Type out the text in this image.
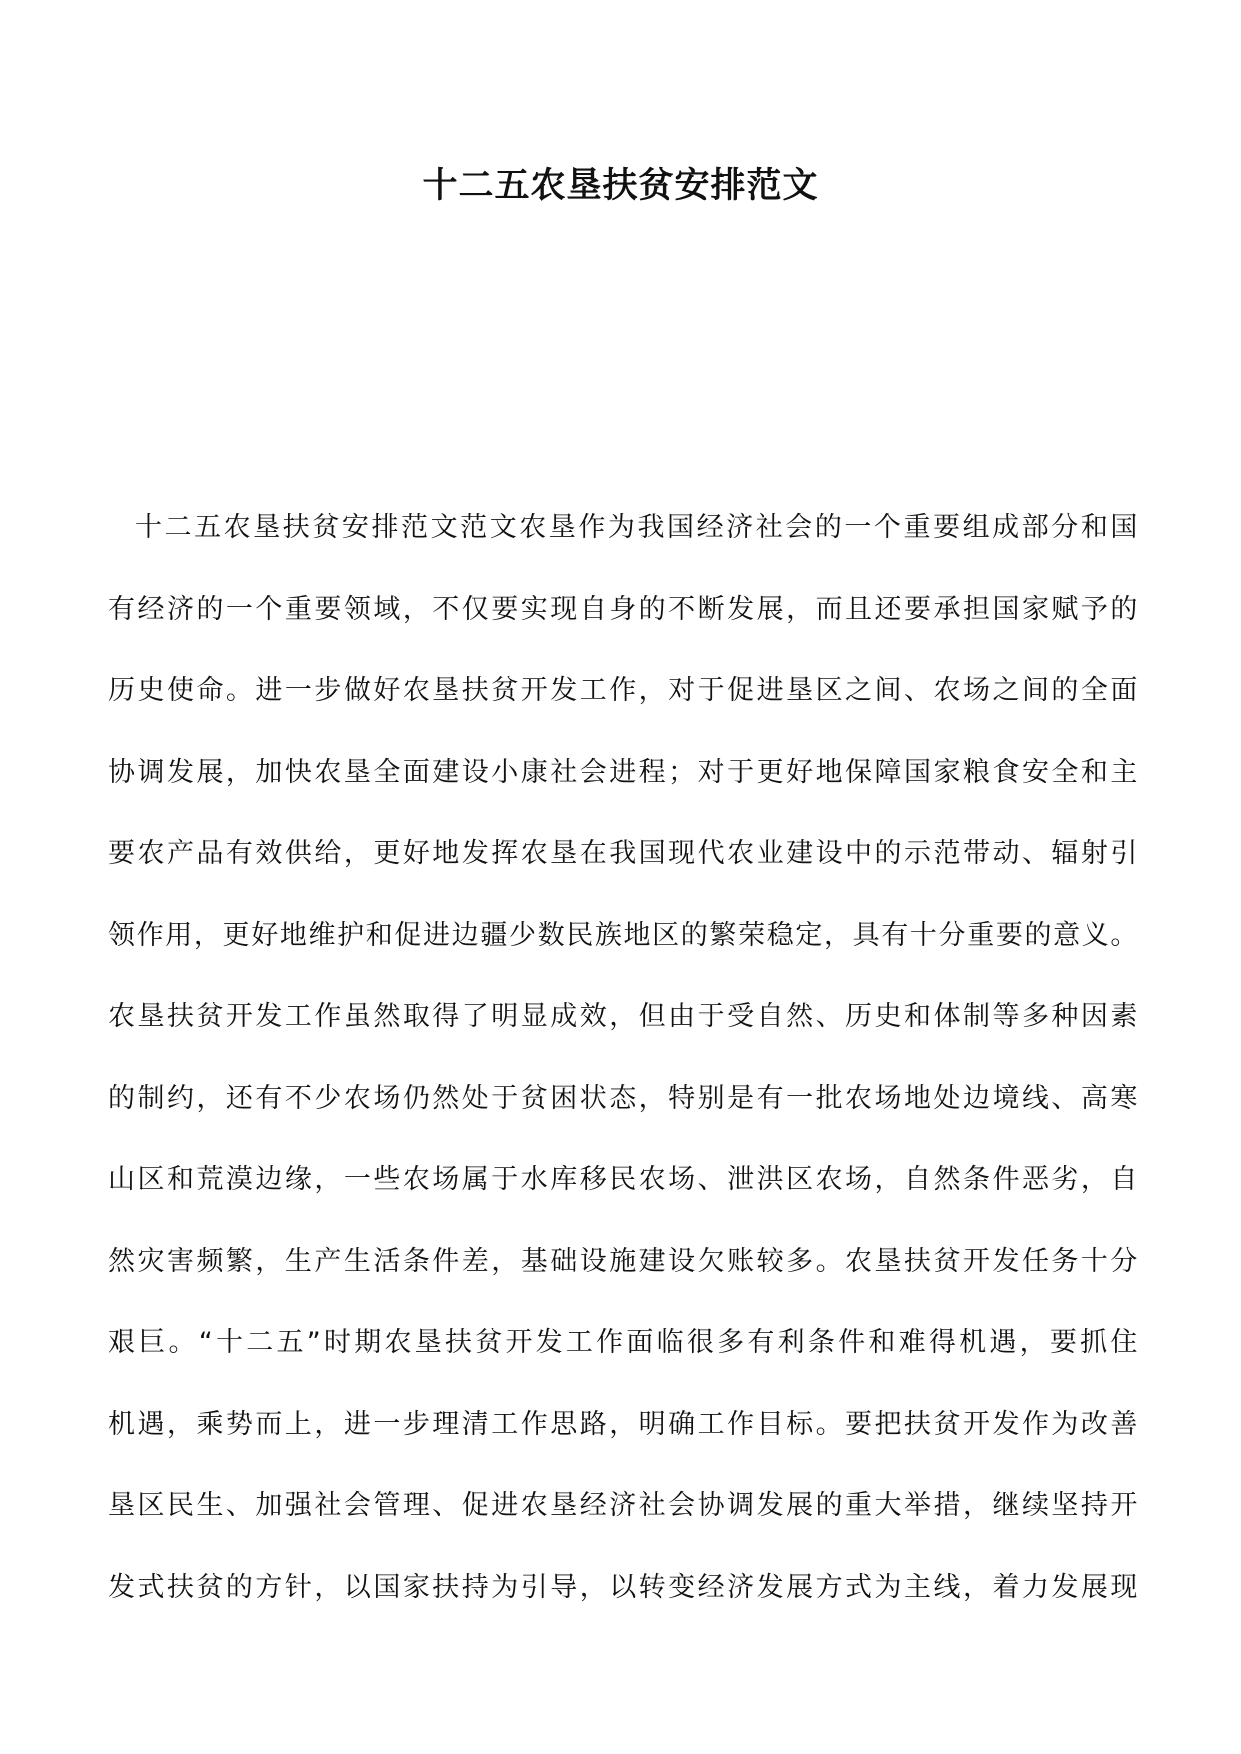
十二五农垦扶贫安排范文
十二五农垦扶贫安排范文范文农垦作为我国经济社会的一个重要组成部分和国
有经济的一个重要领域，不仅要实现自身的不断发展，而且还要承担国家赋予的
历史使命。进一步做好农垦扶贫开发工作，对于促进垦区之间、农场之间的全面
协调发展，加快农垦全面建设小康社会进程；对于更好地保障国家粮食安全和主
要农产品有效供给，更好地发挥农垦在我国现代农业建设中的示范带动、辐射引
领作用，更好地维护和促进边疆少数民族地区的繁荣稳定，具有十分重要的意义。
农垦扶贫开发工作虽然取得了明显成效，但由于受自然、历史和体制等多种因素
的制约，还有不少农场仍然处于贫困状态，特别是有一批农场地处边境线、高寒
山区和荒漠边缘，一些农场属于水库移民农场、泄洪区农场，自然条件恶劣，自
然灾害频繁，生产生活条件差，基础设施建设欠账较多。农垦扶贫开发任务十分
艰巨。“十二五”时期农垦扶贫开发工作面临很多有利条件和难得机遇，要抓住
机遇，乘势而上，进一步理清工作思路，明确工作目标。要把扶贫开发作为改善
垦区民生、加强社会管理、促进农垦经济社会协调发展的重大举措，继续坚持开
发式扶贫的方针，以国家扶持为引导，以转变经济发展方式为主线，着力发展现
